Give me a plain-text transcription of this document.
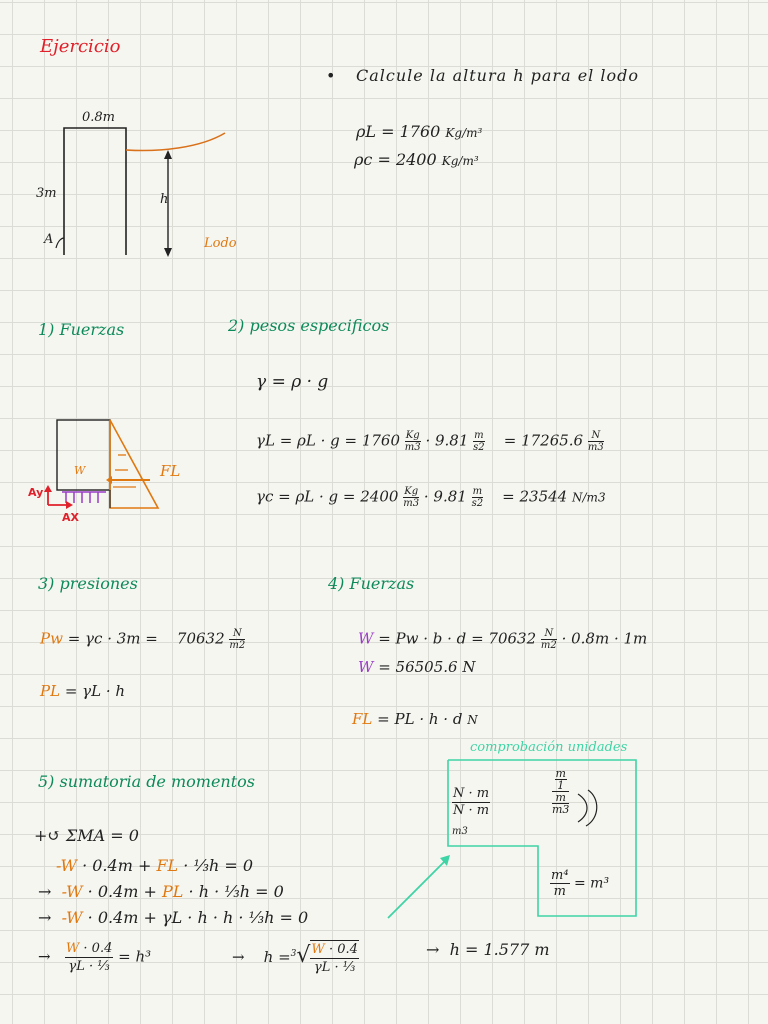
Ejercicio
• Calcule la altura h para el lodo
0.8m
3m
A
h
Lodo
ρL = 1760 Kg/m³
ρc = 2400 Kg/m³
1) Fuerzas	2) pesos especificos
γ = ρ · g
$\gamma L = \rho L \cdot g = 1760 \frac{Kg}{m3} \cdot 9.81 \frac{m}{s2} = 17265.6 \frac{N}{m3}$
$\gamma c = \rho L \cdot g = 2400 \frac{Kg}{m3} \cdot 9.81 \frac{m}{s2} = 23544$ N/m3
W	FL
Ay
AX
3) presiones	4) Fuerzas
$Pw = \gamma c \cdot 3m = 70632 \frac{N}{m2}$
PL = γL · h
$W = Pw \cdot b \cdot d = 70632 \frac{N}{m2} \cdot 0.8m \cdot 1m$
W = 56505.6 N
FL = PL · h · d N
comprobación unidades
$\frac{N \cdot m}{N \cdot m}$
m3
$\frac{\frac{m}{1}}{\frac{m}{m3}}$
$\frac{\text{m⁴}}{m} = m^3$
5) sumatoria de momentos
+↺ ΣMA = 0
-W · 0.4m + FL · ⅓h = 0
→ -W · 0.4m + PL · h · ⅓h = 0
→ -W · 0.4m + γL · h · h · ⅓h = 0
→ $\frac{W \cdot 0.4}{\text{γL · ⅓}} = h^3$	→ $h =^3√ \frac{W \cdot 0.4}{\text{γL · ⅓}}$	→ h = 1.577 m
